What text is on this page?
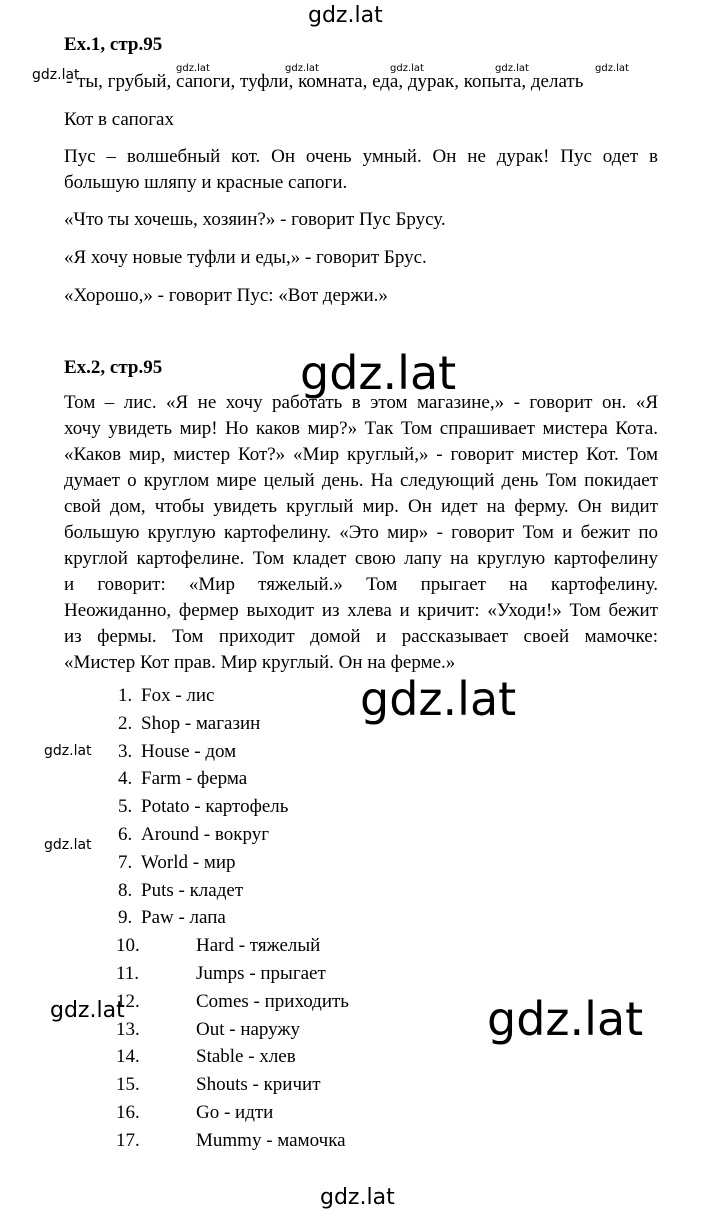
gdz.lat
gdz.lat	gdz.lat	gdz.lat	gdz.lat	gdz.lat	gdz.lat
gdz.lat
gdz.lat
gdz.lat
gdz.lat
gdz.lat	gdz.lat
gdz.lat
Ex.1, стр.95
- ты, грубый, сапоги, туфли, комната, еда, дурак, копыта, делать
Кот в сапогах
Пус – волшебный кот. Он очень умный. Он не дурак! Пус одет в
большую шляпу и красные сапоги.
«Что ты хочешь, хозяин?» - говорит Пус Брусу.
«Я хочу новые туфли и еды,» - говорит Брус.
«Хорошо,» - говорит Пус: «Вот держи.»
Ex.2, стр.95
Том – лис. «Я не хочу работать в этом магазине,» - говорит он. «Я
хочу увидеть мир! Но каков мир?» Так Том спрашивает мистера Кота.
«Каков мир, мистер Кот?» «Мир круглый,» - говорит мистер Кот. Том
думает о круглом мире целый день. На следующий день Том покидает
свой дом, чтобы увидеть круглый мир. Он идет на ферму. Он видит
большую круглую картофелину. «Это мир» - говорит Том и бежит по
круглой картофелине. Том кладет свою лапу на круглую картофелину
и говорит: «Мир тяжелый.» Том прыгает на картофелину.
Неожиданно, фермер выходит из хлева и кричит: «Уходи!» Том бежит
из фермы. Том приходит домой и рассказывает своей мамочке:
«Мистер Кот прав. Мир круглый. Он на ферме.»
1. Fox - лис
2. Shop - магазин
3. House - дом
4. Farm - ферма
5. Potato - картофель
6. Around - вокруг
7. World - мир
8. Puts - кладет
9. Paw - лапа
10.	Hard - тяжелый
11.	Jumps - прыгает
12.	Comes - приходить
13.	Out - наружу
14.	Stable - хлев
15.	Shouts - кричит
16.	Go - идти
17.	Mummy - мамочка
